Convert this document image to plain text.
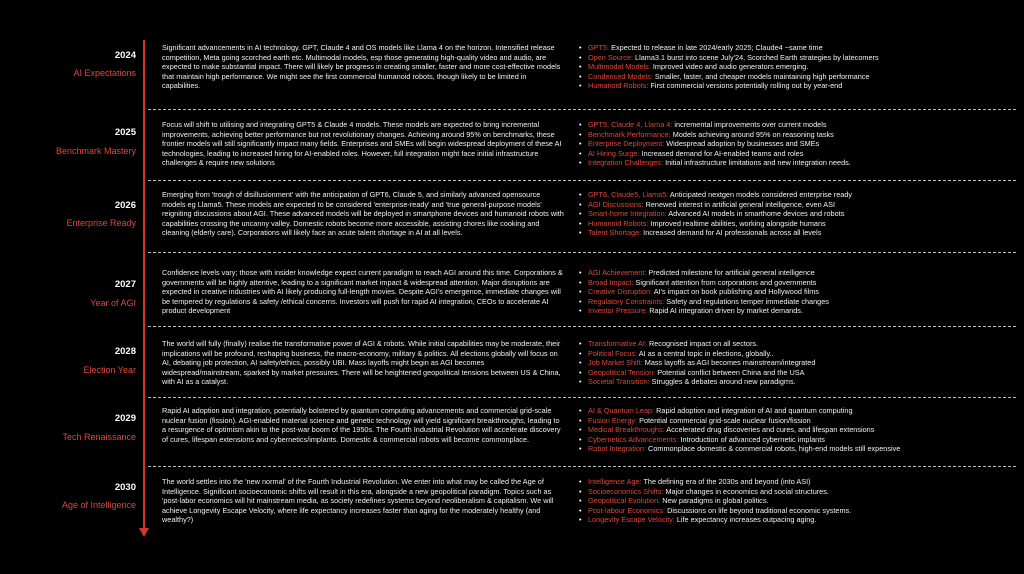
2024
AI Expectations
Significant advancements in AI technology. GPT, Claude 4 and OS models like Llama 4 on the horizon. Intensified release competition, Meta going scorched earth etc. Multimodal models, esp those generating high-quality video and audio, are expected to make substantial impact. There will likely be progress in creating smaller, faster and more cost-effective models that maintain high performance. We might see the first commercial humanoid robots, though likely to be limited in capabilities.
• GPT5: Expected to release in late 2024/early 2025; Claude4 ~same time
• Open Source: Llama3.1 burst into scene July'24, Scorched Earth strategies by latecomers
• Multimodal Models: Improved video and audio generators emerging.
• Condensed Models: Smaller, faster, and cheaper models maintaining high performance
• Humanoid Robots: First commercial versions potentially rolling out by year-end
2025
Benchmark Mastery
Focus will shift to utilising and integrating GPT5 & Claude 4 models. These models are expected to bring incremental improvements, achieving better performance but not revolutionary changes. Achieving around 95% on benchmarks, these frontier models will still significantly impact many fields. Enterprises and SMEs will begin widespread deployment of these AI technologies, leading to increased hiring for AI-enabled roles. However, full integration might face initial infrastructure challenges & require new solutions
• GPT5, Claude 4, Llama 4: incremental improvements over current models
• Benchmark Performance: Models achieving around 95% on reasoning tasks
• Enterprise Deployment: Widespread adoption by businesses and SMEs
• AI Hiring Surge: Increased demand for AI-enabled teams and roles
• Integration Challenges: Initial infrastructure limitations and new integration needs.
2026
Enterprise Ready
Emerging from 'trough of disillusionment' with the anticipation of GPT6, Claude 5, and similarly advanced opensource models eg Llama5. These models are expected to be considered 'enterprise-ready' and 'true general-purpose models' reigniting discussions about AGI. These advanced models will be deployed in smartphone devices and humanoid robots with capabilities crossing the uncanny valley. Domestic robots become more accessible, assisting chores like cooking and cleaning (elderly care). Corporations will likely face an acute talent shortage in AI at all levels.
• GPT6, Claude5, Llama5: Anticipated nextgen models considered enterprise ready
• AGI Discussions: Renewed interest in artificial general intelligence, even ASI
• Smart-home Integration: Advanced AI models in smarthome devices and robots
• Humanoid Robots: Improved realtime abilities, working alongside humans
• Talent Shortage: Increased demand for AI professionals across all levels
2027
Year of AGI
Confidence levels vary; those with insider knowledge expect current paradigm to reach AGI around this time. Corporations & governments will be highly attentive, leading to a significant market impact & widespread attention. Major disruptions are expected in creative industries with AI likely producing full-length movies. Despite AGI's emergence, immediate changes will be tempered by regulations & safety /ethical concerns. Investors will push for rapid AI integration, CEOs to accelerate AI product development
• AGI Achievement: Predicted milestone for artificial general intelligence
• Broad Impact: Significant attention from corporations and governments
• Creative Disruption: AI's impact on book publishing and Hollywood films
• Regulatory Constraints: Safety and regulations temper immediate changes
• Investor Pressure: Rapid AI integration driven by market demands.
2028
Election Year
The world will fully (finally) realise the transformative power of AGI & robots. While initial capabilities may be moderate, their implications will be profound, reshaping business, the macro-economy, military & politics. All elections globally will focus on AI, debating job protection, AI safety/ethics, possibly UBI. Mass layoffs might begin as AGI becomes widespread/mainstream, sparked by market pressures. There will be heightened geopolitical tensions between US & China, with AI as a catalyst.
• Transformative AI: Recognised impact on all sectors.
• Political Focus: AI as a central topic in elections, globally..
• Job Market Shift: Mass layoffs as AGI becomes mainstream/integrated
• Geopolitical Tension: Potential conflict between China and the USA
• Societal Transition: Struggles & debates around new paradigms.
2029
Tech Renaissance
Rapid AI adoption and integration, potentially bolstered by quantum computing advancements and commercial grid-scale nuclear fusion (fission). AGI-enabled material science and genetic technology will yield significant breakthroughs, leading to a resurgence of optimism akin to the post-war boom of the 1950s. The Fourth Industrial Revolution will accelerate discovery of cures, lifespan extensions and cybernetics/implants. Domestic & commercial robots will become commonplace.
• AI & Quantum Leap: Rapid adoption and integration of AI and quantum computing
• Fusion Energy: Potential commercial grid-scale nuclear fusion/fission
• Medical Breakthroughs: Accelerated drug discoveries and cures, and lifespan extensions
• Cybernetics Advancements: Introduction of advanced cybernetic implants
• Robot Integration: Commonplace domestic & commercial robots, high-end models still expensive
2030
Age of Intelligence
The world settles into the 'new normal' of the Fourth Industrial Revolution. We enter into what may be called the Age of Intelligence. Significant socioeconomic shifts will result in this era, alongside a new geopolitical paradigm. Topics such as 'post-labor economics will hit mainstream media, as society redefines systems beyond neoliberalism & capitalism. We will achieve Longevity Escape Velocity, where life expectancy increases faster than aging for the moderately healthy (and wealthy?)
• Intelligence Age: The defining era of the 2030s and beyond (into ASI)
• Socioeconomics Shifts: Major changes in economics and social structures.
• Geopolitical Evolution: New paradigms in global politics.
• Post-labour Economics: Discussions on life beyond traditional economic systems.
• Longevity Escape Velocity: Life expectancy increases outpacing aging.
